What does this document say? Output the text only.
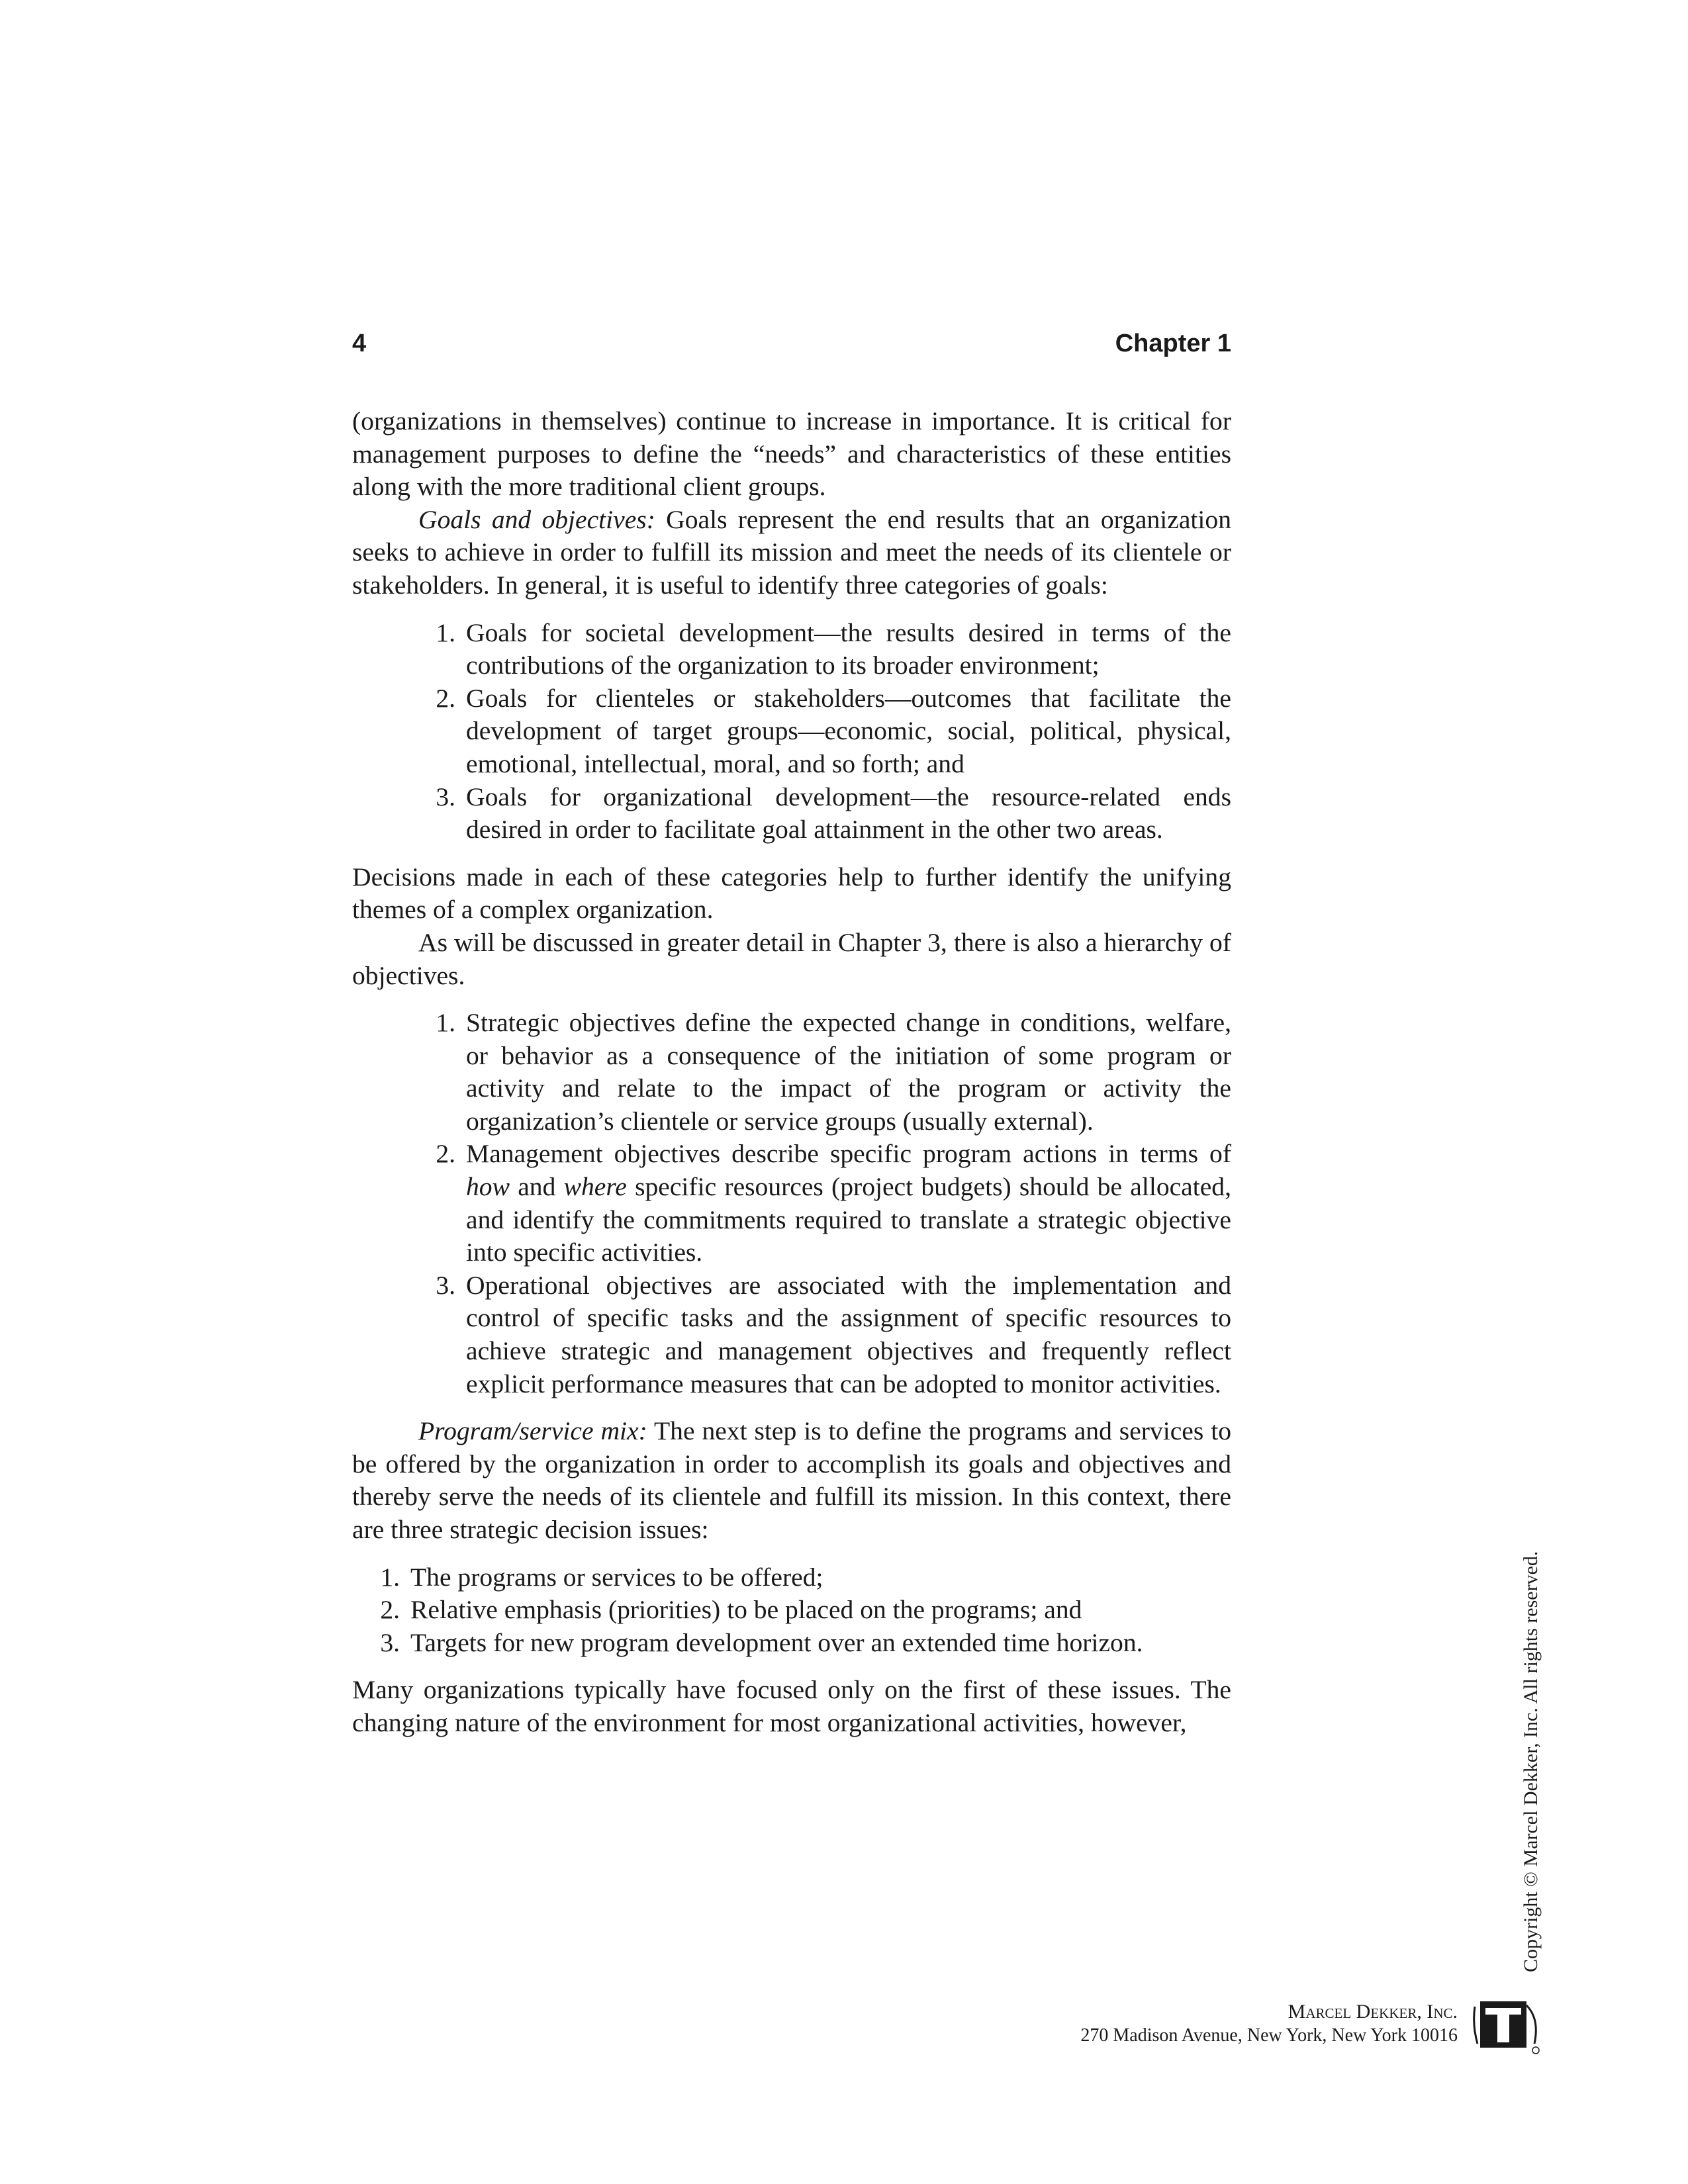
4	Chapter 1

(organizations in themselves) continue to increase in importance. It is critical for management purposes to define the “needs” and characteristics of these entities along with the more traditional client groups.

Goals and objectives: Goals represent the end results that an organization seeks to achieve in order to fulfill its mission and meet the needs of its clientele or stakeholders. In general, it is useful to identify three categories of goals:

1. Goals for societal development—the results desired in terms of the contributions of the organization to its broader environment;
2. Goals for clienteles or stakeholders—outcomes that facilitate the development of target groups—economic, social, political, physical, emotional, intellectual, moral, and so forth; and
3. Goals for organizational development—the resource-related ends desired in order to facilitate goal attainment in the other two areas.

Decisions made in each of these categories help to further identify the unifying themes of a complex organization.

As will be discussed in greater detail in Chapter 3, there is also a hierarchy of objectives.

1. Strategic objectives define the expected change in conditions, welfare, or behavior as a consequence of the initiation of some program or activity and relate to the impact of the program or activity the organization’s clientele or service groups (usually external).
2. Management objectives describe specific program actions in terms of how and where specific resources (project budgets) should be allocated, and identify the commitments required to translate a strategic objective into specific activities.
3. Operational objectives are associated with the implementation and control of specific tasks and the assignment of specific resources to achieve strategic and management objectives and frequently reflect explicit performance measures that can be adopted to monitor activities.

Program/service mix: The next step is to define the programs and services to be offered by the organization in order to accomplish its goals and objectives and thereby serve the needs of its clientele and fulfill its mission. In this context, there are three strategic decision issues:

1. The programs or services to be offered;
2. Relative emphasis (priorities) to be placed on the programs; and
3. Targets for new program development over an extended time horizon.

Many organizations typically have focused only on the first of these issues. The changing nature of the environment for most organizational activities, however,	Copyright © Marcel Dekker, Inc. All rights reserved.
Marcel Dekker, Inc.
270 Madison Avenue, New York, New York 10016
